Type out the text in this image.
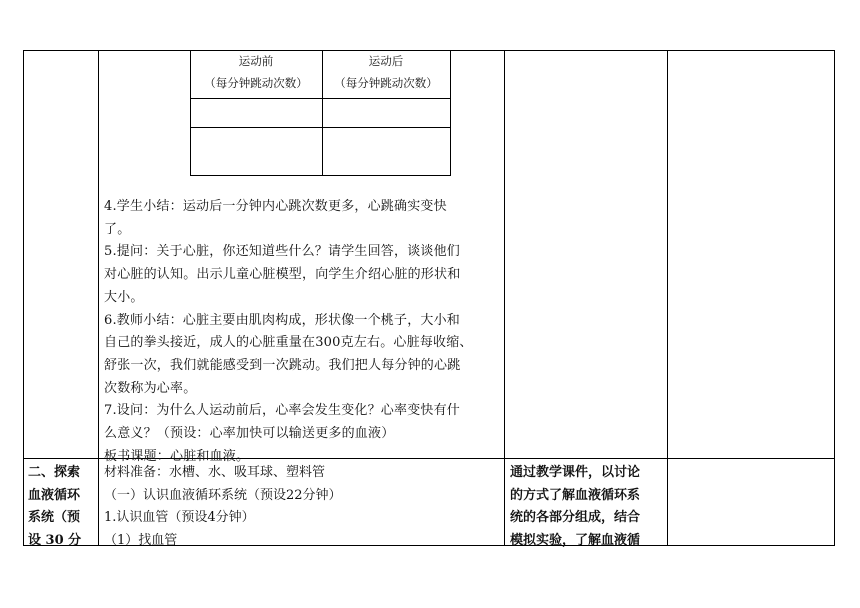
运动前
（每分钟跳动次数）
运动后
（每分钟跳动次数）

4.学生小结：运动后一分钟内心跳次数更多，心跳确实变快

了。

5.提问：关于心脏，你还知道些什么？请学生回答，谈谈他们

对心脏的认知。出示儿童心脏模型，向学生介绍心脏的形状和

大小。

6.教师小结：心脏主要由肌肉构成，形状像一个桃子，大小和

自己的拳头接近，成人的心脏重量在300克左右。心脏每收缩、

舒张一次，我们就能感受到一次跳动。我们把人每分钟的心跳

次数称为心率。

7.设问：为什么人运动前后，心率会发生变化？心率变快有什

么意义？（预设：心率加快可以输送更多的血液）

板书课题：心脏和血液。

二、探索
血液循环
系统（预
设 30 分

材料准备：水槽、水、吸耳球、塑料管

（一）认识血液循环系统（预设22分钟）

1.认识血管（预设4分钟）

（1）找血管

通过教学课件，以讨论
的方式了解血液循环系
统的各部分组成，结合
模拟实验，了解血液循
